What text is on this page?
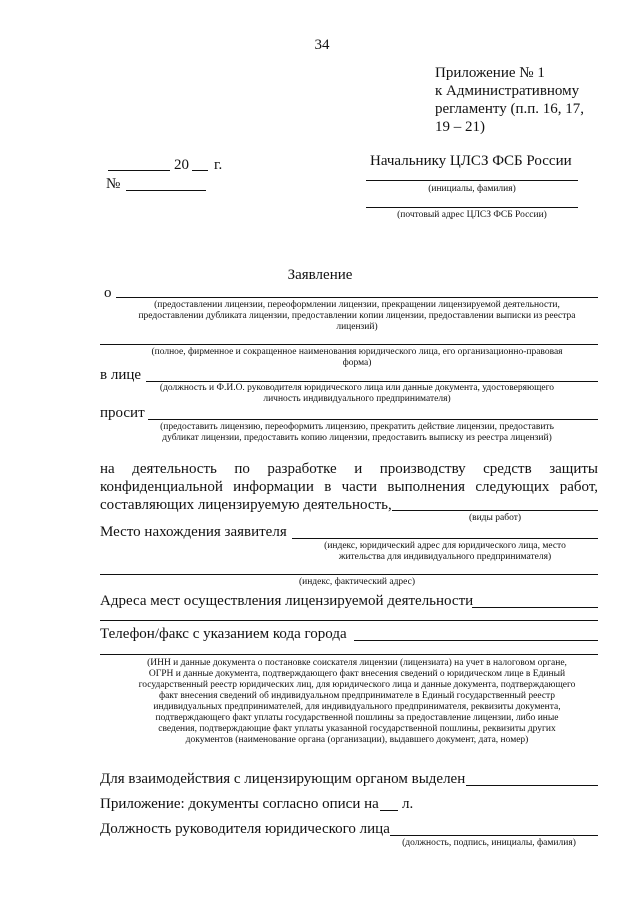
34
Приложение № 1
к Административному
регламенту (п.п. 16, 17,
19 – 21)
20 г.
№
Начальнику ЦЛСЗ ФСБ России
(инициалы, фамилия)
(почтовый адрес ЦЛСЗ ФСБ России)
Заявление
о
(предоставлении лицензии, переоформлении лицензии, прекращении лицензируемой деятельности,
предоставлении дубликата лицензии, предоставлении копии лицензии, предоставлении выписки из реестра
лицензий)
(полное, фирменное и сокращенное наименования юридического лица, его организационно-правовая
форма)
в лице
(должность и Ф.И.О. руководителя юридического лица или данные документа, удостоверяющего
личность индивидуального предпринимателя)
просит
(предоставить лицензию, переоформить лицензию, прекратить действие лицензии, предоставить
дубликат лицензии, предоставить копию лицензии, предоставить выписку из реестра лицензий)
на деятельность по разработке и производству средств защиты
конфиденциальной информации в части выполнения следующих работ,
составляющих лицензируемую деятельность,
(виды работ)
Место нахождения заявителя
(индекс, юридический адрес для юридического лица, место
жительства для индивидуального предпринимателя)
(индекс, фактический адрес)
Адреса мест осуществления лицензируемой деятельности
Телефон/факс с указанием кода города
(ИНН и данные документа о постановке соискателя лицензии (лицензиата) на учет в налоговом органе,
ОГРН и данные документа, подтверждающего факт внесения сведений о юридическом лице в Единый
государственный реестр юридических лиц, для юридического лица и данные документа, подтверждающего
факт внесения сведений об индивидуальном предпринимателе в Единый государственный реестр
индивидуальных предпринимателей, для индивидуального предпринимателя, реквизиты документа,
подтверждающего факт уплаты государственной пошлины за предоставление лицензии, либо иные
сведения, подтверждающие факт уплаты указанной государственной пошлины, реквизиты других
документов (наименование органа (организации), выдавшего документ, дата, номер)
Для взаимодействия с лицензирующим органом выделен
Приложение: документы согласно описи на л.
Должность руководителя юридического лица
(должность, подпись, инициалы, фамилия)
